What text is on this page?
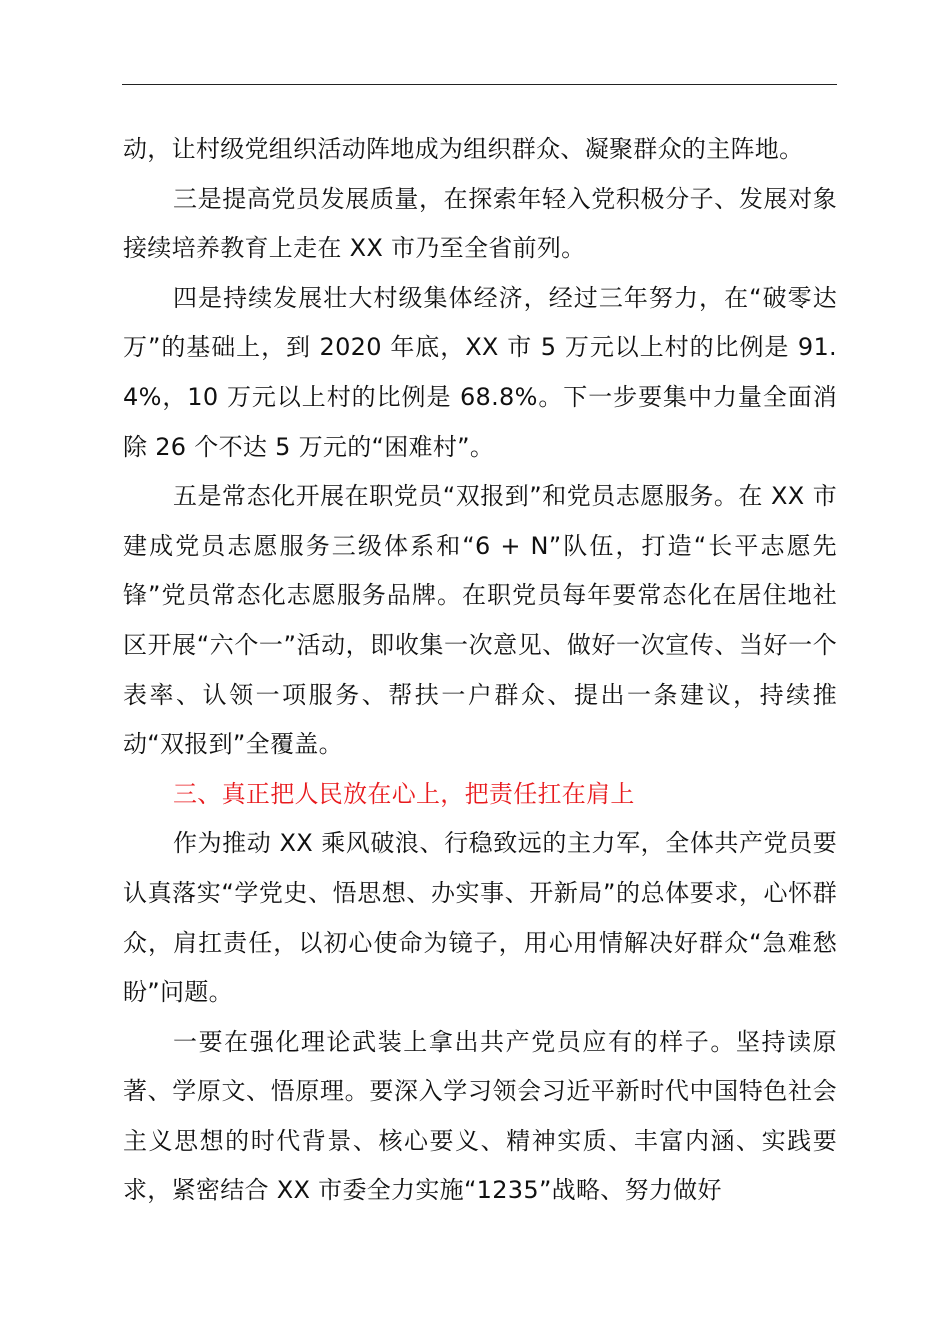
动，让村级党组织活动阵地成为组织群众、凝聚群众的主阵地。

三是提高党员发展质量，在探索年轻入党积极分子、发展对象接续培养教育上走在 XX 市乃至全省前列。

四是持续发展壮大村级集体经济，经过三年努力，在“破零达万”的基础上，到 2020 年底，XX 市 5 万元以上村的比例是 91.4%，10 万元以上村的比例是 68.8%。下一步要集中力量全面消除 26 个不达 5 万元的“困难村”。

五是常态化开展在职党员“双报到”和党员志愿服务。在 XX 市建成党员志愿服务三级体系和“6 + N”队伍，打造“长平志愿先锋”党员常态化志愿服务品牌。在职党员每年要常态化在居住地社区开展“六个一”活动，即收集一次意见、做好一次宣传、当好一个表率、认领一项服务、帮扶一户群众、提出一条建议，持续推动“双报到”全覆盖。

三、真正把人民放在心上，把责任扛在肩上

作为推动 XX 乘风破浪、行稳致远的主力军，全体共产党员要认真落实“学党史、悟思想、办实事、开新局”的总体要求，心怀群众，肩扛责任，以初心使命为镜子，用心用情解决好群众“急难愁盼”问题。

一要在强化理论武装上拿出共产党员应有的样子。坚持读原著、学原文、悟原理。要深入学习领会习近平新时代中国特色社会主义思想的时代背景、核心要义、精神实质、丰富内涵、实践要求，紧密结合 XX 市委全力实施“1235”战略、努力做好
